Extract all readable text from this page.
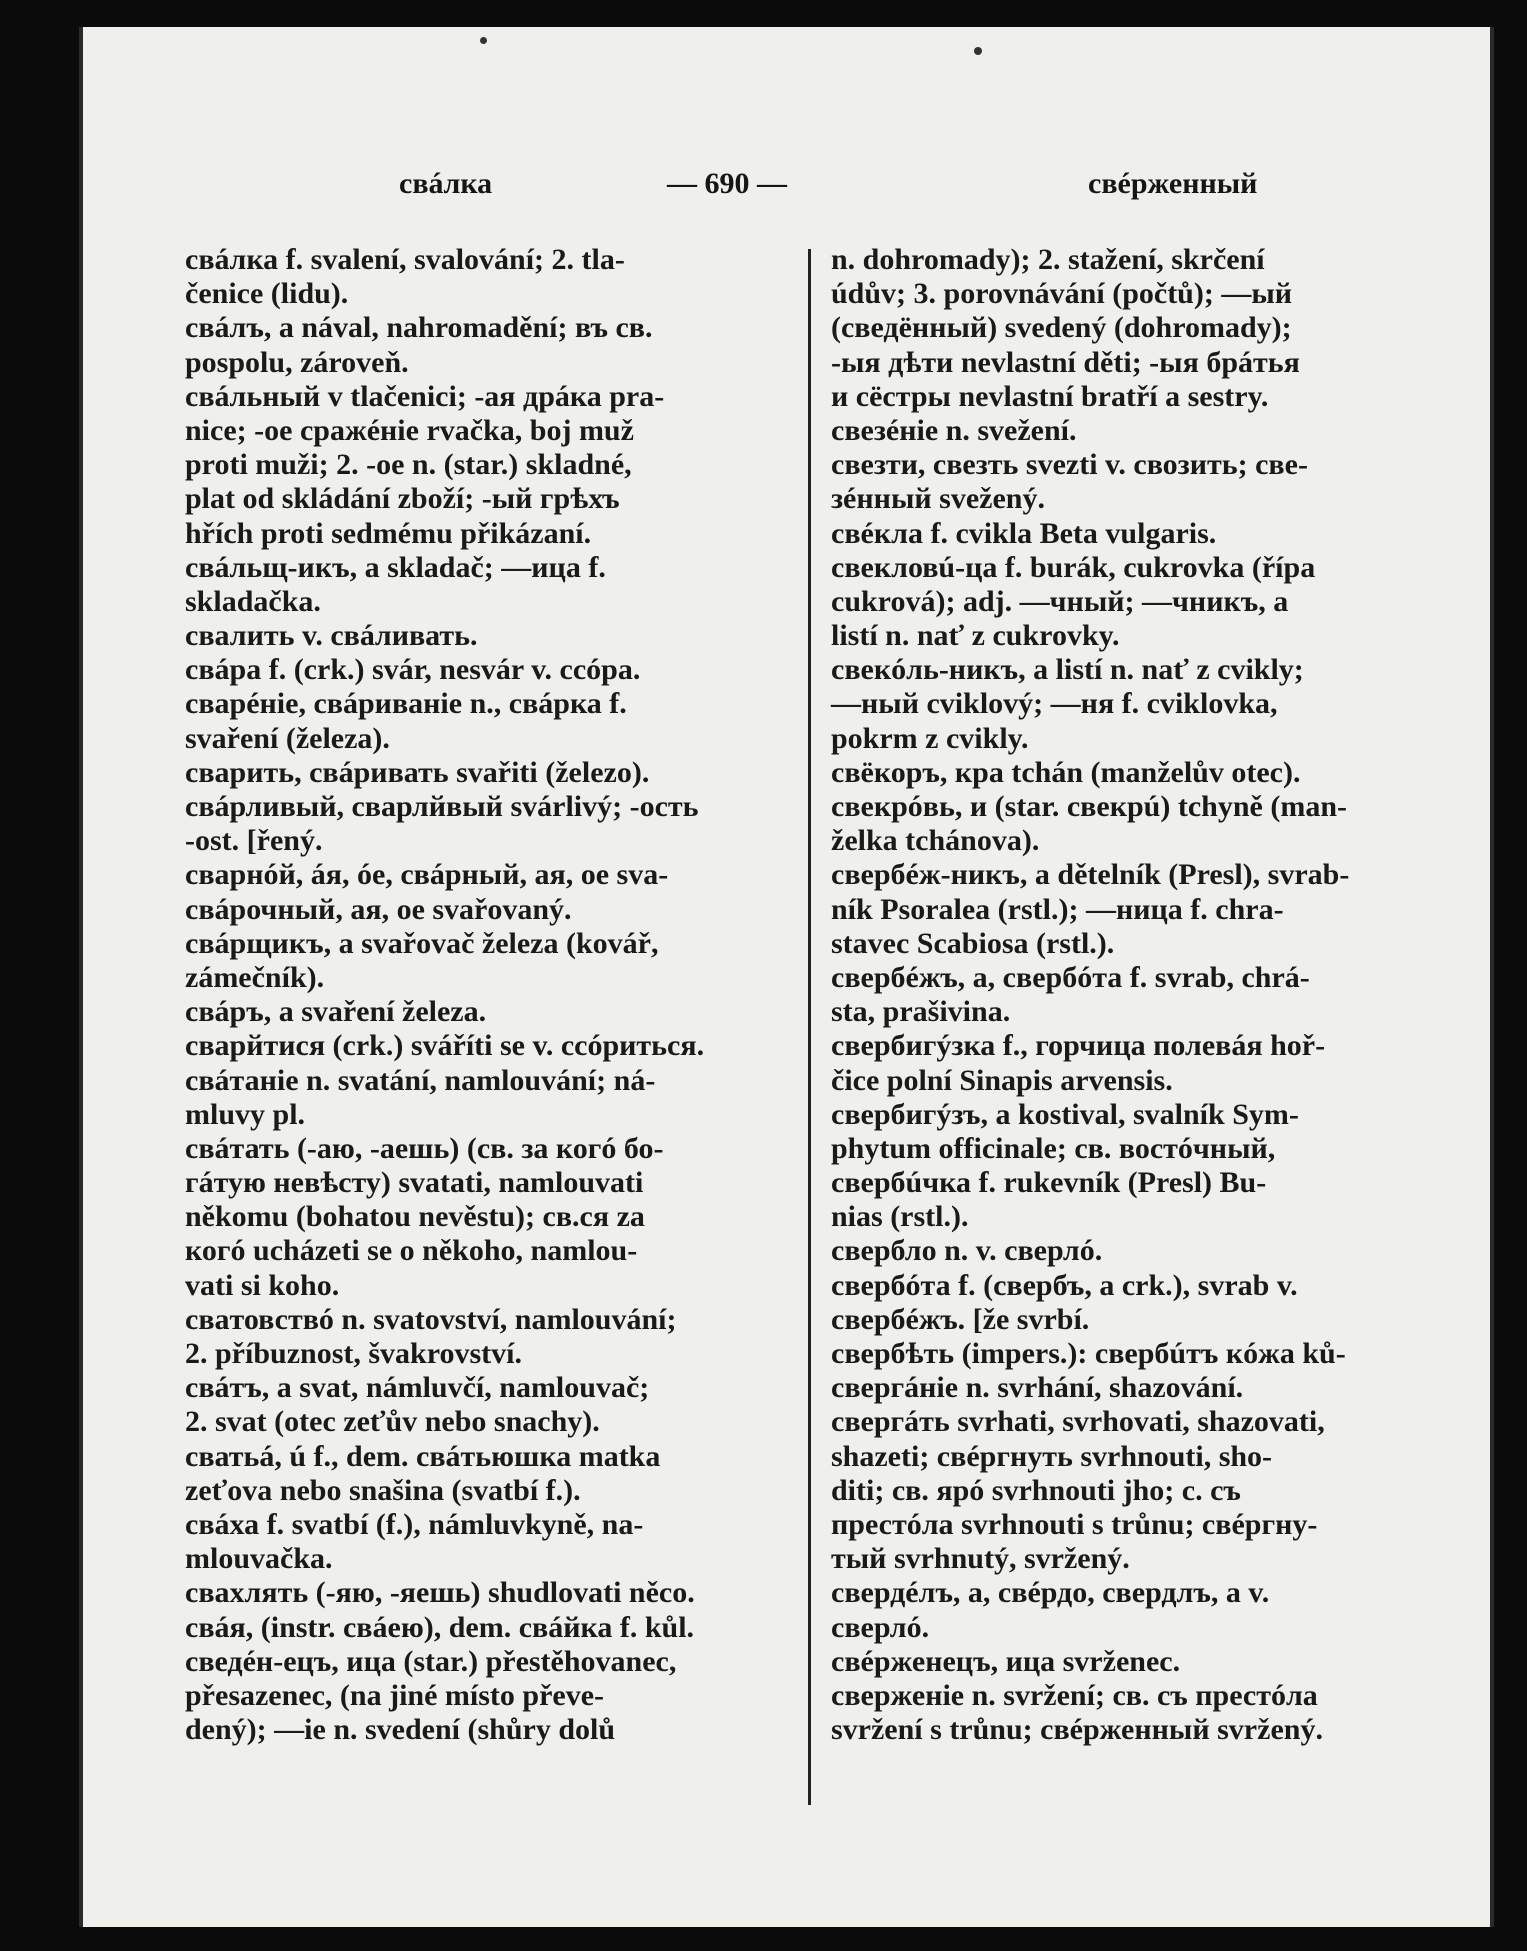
свáлка	— 690 —	свéрженный
свáлка f. svalení, svalování; 2. tla-
čenice (lidu).
свáлъ, a nával, nahromadění; въ св.
pospolu, zároveň.
свáльный v tlačenici; -ая дрáка pra-
nice; -ое сражéніе rvačka, boj muž
proti muži; 2. -ое n. (star.) skladné,
plat od skládání zboží; -ый грѣхъ
hřích proti sedmému přikázaní.
свáльщ-икъ, a skladač; —ица f.
skladačka.
свалить v. свáливать.
свáра f. (crk.) svár, nesvár v. ссóра.
сварéніе, свáриваніе n., свáрка f.
svaření (železa).
сварить, свáривать svařiti (železo).
свáрливый, сварлйвый svárlivý; -ость
-ost. [řený.
сварнóй, áя, óе, свáрный, ая, ое sva-
свáрочный, ая, ое svařovaný.
свáрщикъ, a svařovač železa (kovář,
zámečník).
свáръ, a svaření železa.
сварйтися (crk.) sváříti se v. ссóриться.
свáтаніе n. svatání, namlouvání; ná-
mluvy pl.
свáтать (-аю, -аешь) (св. за когó бо-
гáтую невѣсту) svatati, namlouvati
někomu (bohatou nevěstu); св.ся za
когó ucházeti se o někoho, namlou-
vati si koho.
свaтовствó n. svatovství, namlouvání;
2. příbuznost, švakrovství.
свáтъ, a svat, námluvčí, namlouvač;
2. svat (otec zeťův nebo snachy).
сватьá, ú f., dem. свáтьюшка matka
zeťova nebo snašina (svatbí f.).
свáха f. svatbí (f.), námluvkyně, na-
mlouvačka.
свахлять (-яю, -яешь) shudlovati něco.
свáя, (instr. свáею), dem. свáйка f. kůl.
сведéн-ецъ, ица (star.) přestěhovanec,
přesazenec, (na jiné místo převe-
dený); —ie n. svedení (shůry dolů
n. dohromady); 2. stažení, skrčení
údův; 3. porovnávání (počtů); —ый
(сведённый) svedený (dohromady);
-ыя дѣти nevlastní děti; -ыя брáтья
и сёстры nevlastní bratří a sestry.
свезéніе n. svežení.
свезти, свезть svezti v. свозить; све-
зéнный svežený.
свéкла f. cvikla Beta vulgaris.
свекловú-ца f. burák, cukrovka (řípa
cukrová); adj. —чный; —чникъ, a
listí n. nať z cukrovky.
свекóль-никъ, a listí n. nať z cvikly;
—ный cviklový; —ня f. cviklovka,
pokrm z cvikly.
свёкоръ, кра tchán (manželův otec).
свекрóвь, и (star. свекрú) tchyně (man-
želka tchánova).
свербéж-никъ, a dětelník (Presl), svrab-
ník Psoralea (rstl.); —ница f. chra-
stavec Scabiosa (rstl.).
свербéжъ, a, свербóта f. svrab, chrá-
sta, prašivina.
свербигýзка f., горчица полевáя hoř-
čice polní Sinapis arvensis.
свербигýзъ, a kostival, svalník Sym-
phytum officinale; св. востóчный,
свербúчка f. rukevník (Presl) Bu-
nias (rstl.).
свербло n. v. сверлó.
свербóта f. (свербъ, a crk.), svrab v.
свербéжъ. [že svrbí.
свербѣть (impers.): свербúтъ кóжа ků-
свергáніе n. svrhání, shazování.
свергáть svrhati, svrhovati, shazovati,
shazeti; свéргнуть svrhnouti, sho-
diti; св. ярó svrhnouti jho; с. съ
престóла svrhnouti s trůnu; свéргну-
тый svrhnutý, svržený.
свердéлъ, a, свéрдо, свердлъ, a v.
сверлó.
свéрженецъ, ица svrženec.
сверженіе n. svržení; св. съ престóла
svržení s trůnu; свéрженный svržený.
